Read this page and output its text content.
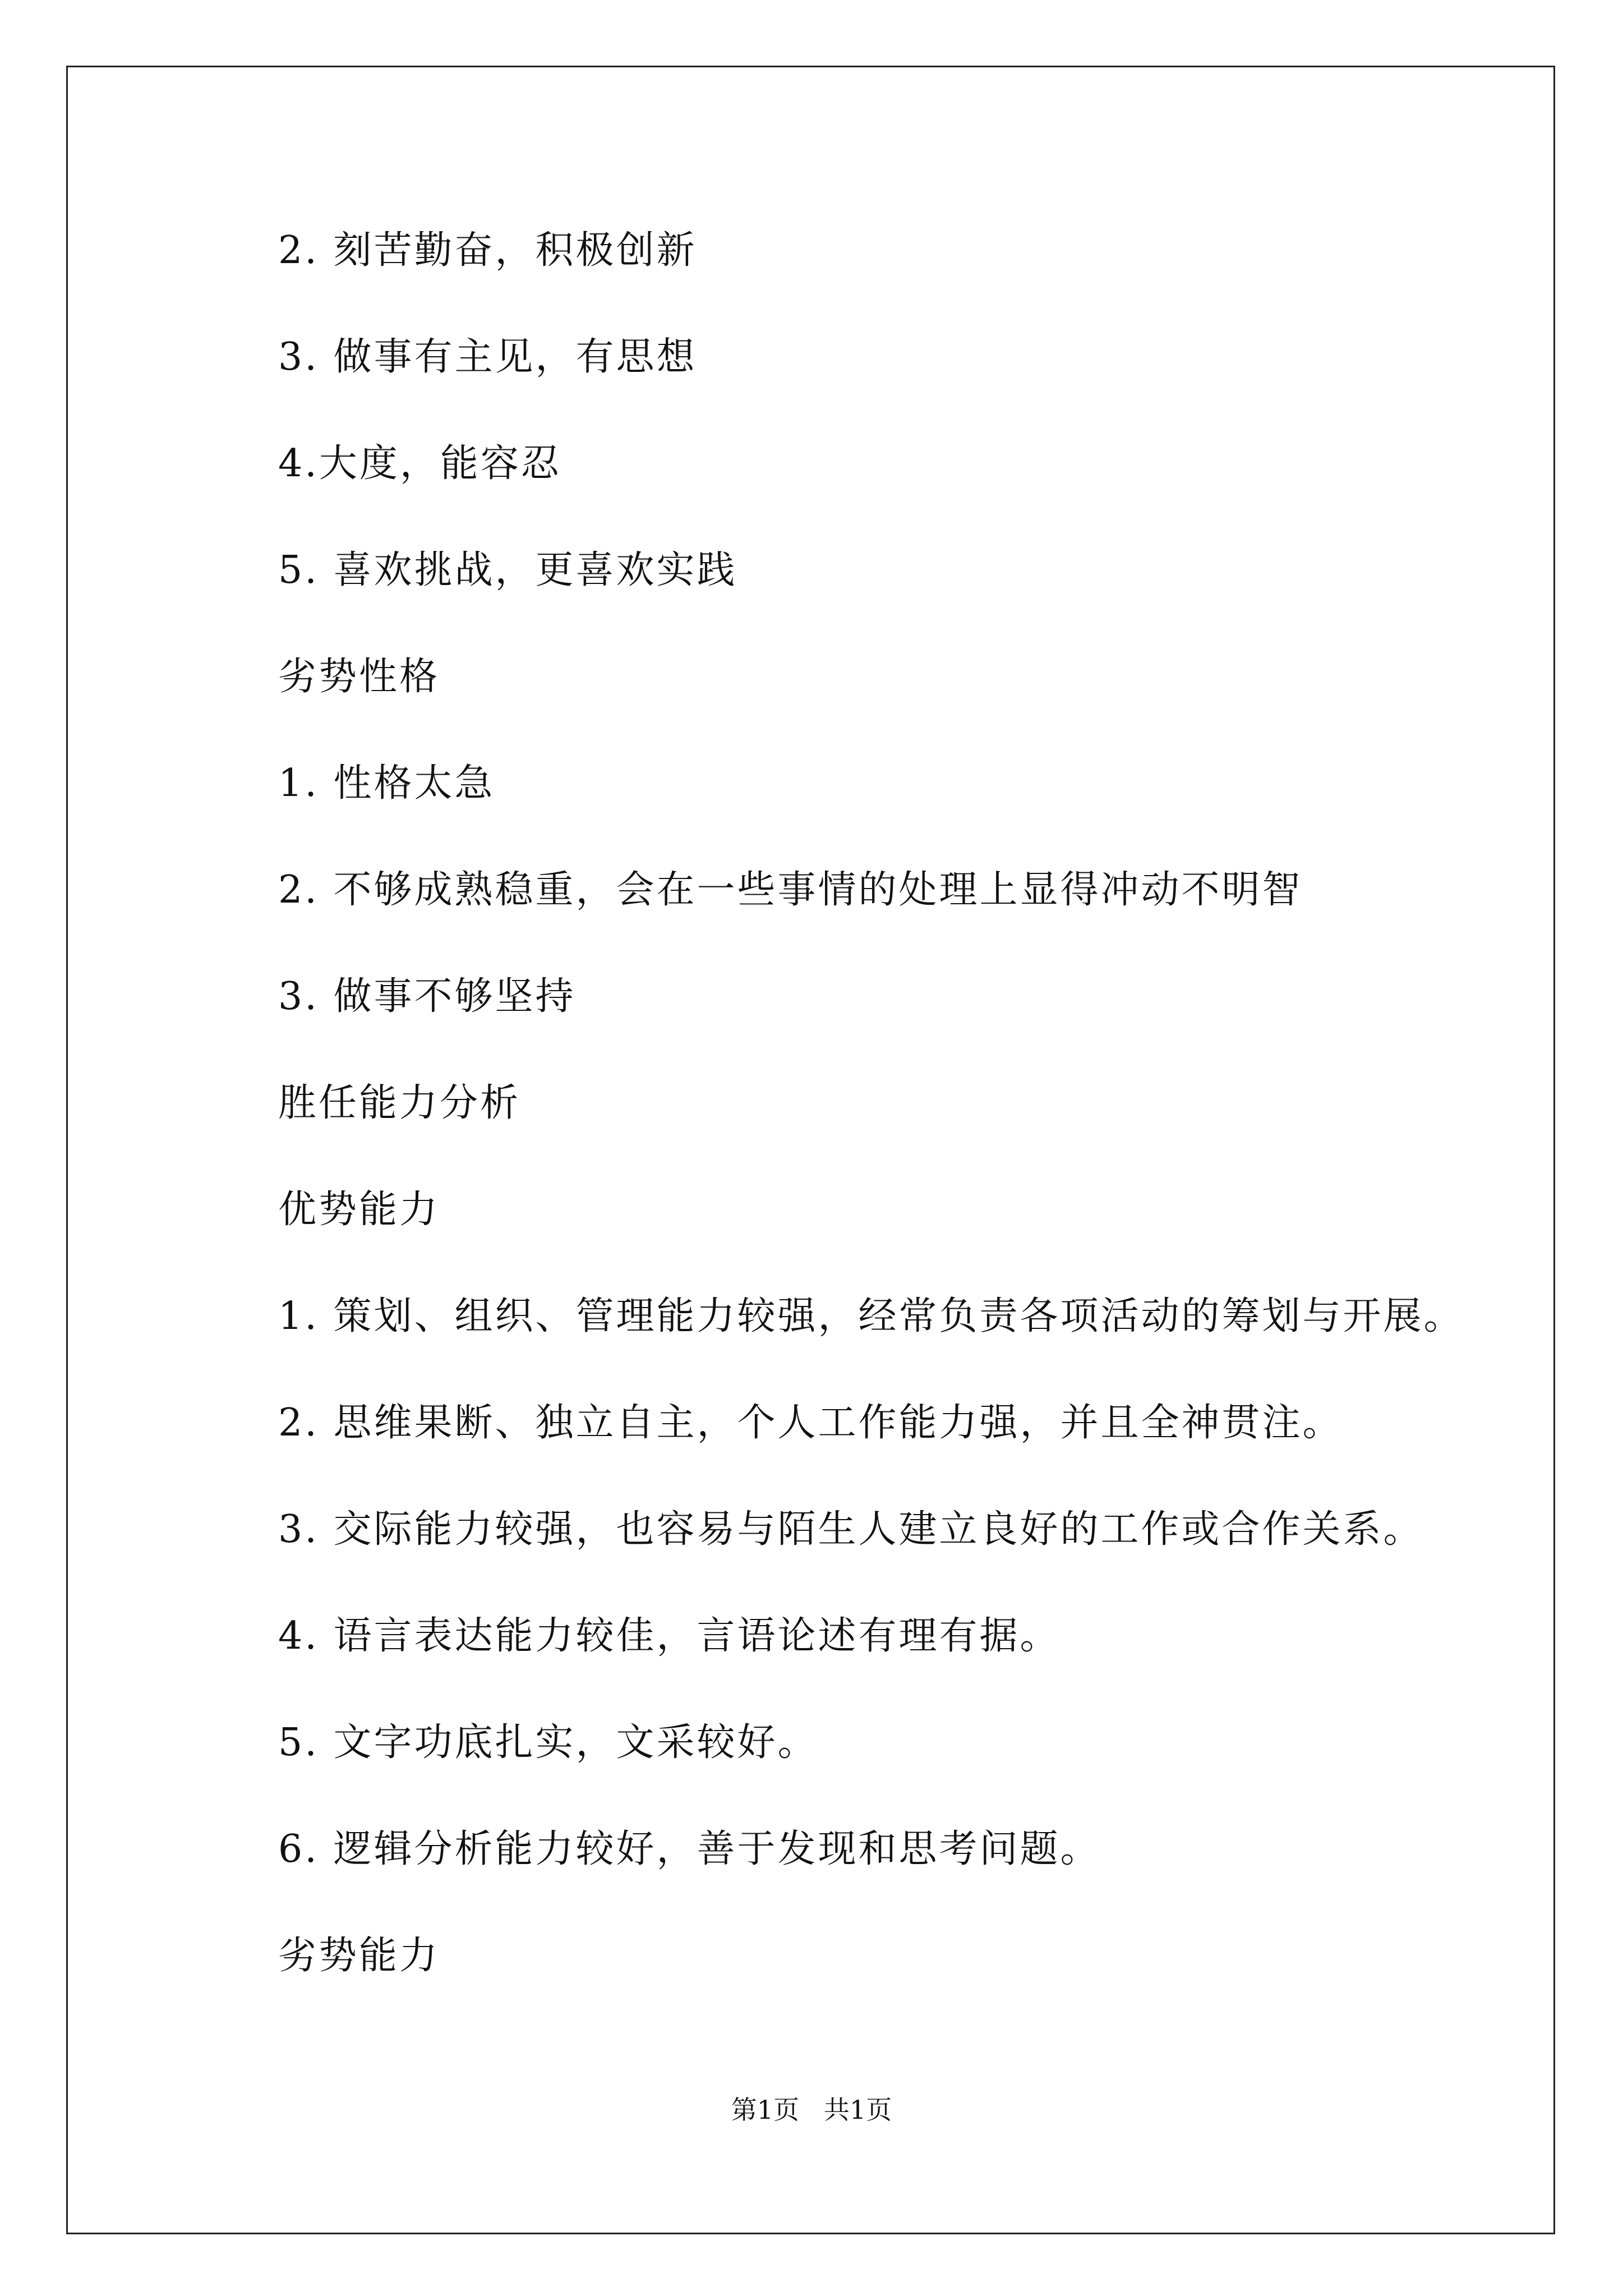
2. 刻苦勤奋，积极创新
3. 做事有主见，有思想
4.大度，能容忍
5. 喜欢挑战，更喜欢实践
劣势性格
1. 性格太急
2. 不够成熟稳重，会在一些事情的处理上显得冲动不明智
3. 做事不够坚持
胜任能力分析
优势能力
1. 策划、组织、管理能力较强，经常负责各项活动的筹划与开展。
2. 思维果断、独立自主，个人工作能力强，并且全神贯注。
3. 交际能力较强，也容易与陌生人建立良好的工作或合作关系。
4. 语言表达能力较佳，言语论述有理有据。
5. 文字功底扎实，文采较好。
6. 逻辑分析能力较好，善于发现和思考问题。
劣势能力
第1页   共1页
